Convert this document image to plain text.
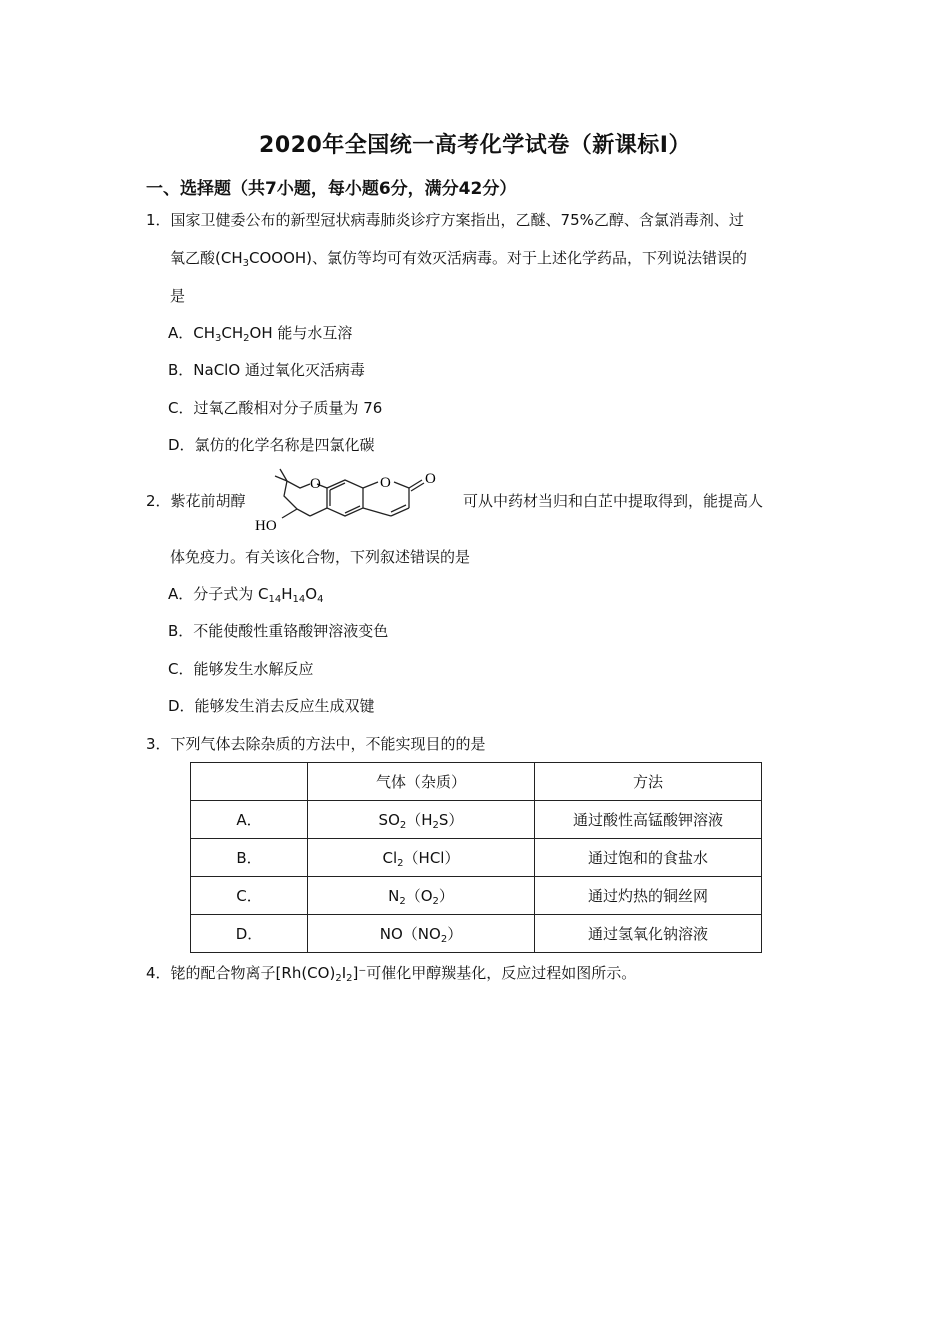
2020年全国统一高考化学试卷（新课标Ⅰ）
一、选择题（共7小题，每小题6分，满分42分）
1．国家卫健委公布的新型冠状病毒肺炎诊疗方案指出，乙醚、75%乙醇、含氯消毒剂、过
氧乙酸$(CH_3COOOH)$、氯仿等均可有效灭活病毒。对于上述化学药品，下列说法错误的
是
A．$CH_3CH_2OH$ 能与水互溶
B．NaClO 通过氧化灭活病毒
C．过氧乙酸相对分子质量为 76
D．氯仿的化学名称是四氯化碳
2．紫花前胡醇	可从中药材当归和白芷中提取得到，能提高人
O	O O
HO
体免疫力。有关该化合物，下列叙述错误的是
A．分子式为 $C_{14}H_{14}O_4$
B．不能使酸性重铬酸钾溶液变色
C．能够发生水解反应
D．能够发生消去反应生成双键
3．下列气体去除杂质的方法中，不能实现目的的是
	气体（杂质）	方法
A．	$SO_2(H_2S)$	通过酸性高锰酸钾溶液
B．	$Cl_2(HCl)$	通过饱和的食盐水
C．	$N_2(O_2)$	通过灼热的铜丝网
D．	$NO(NO_2)$	通过氢氧化钠溶液
4．铑的配合物离子$[Rh(CO)_2I_2]^-$可催化甲醇羰基化，反应过程如图所示。
